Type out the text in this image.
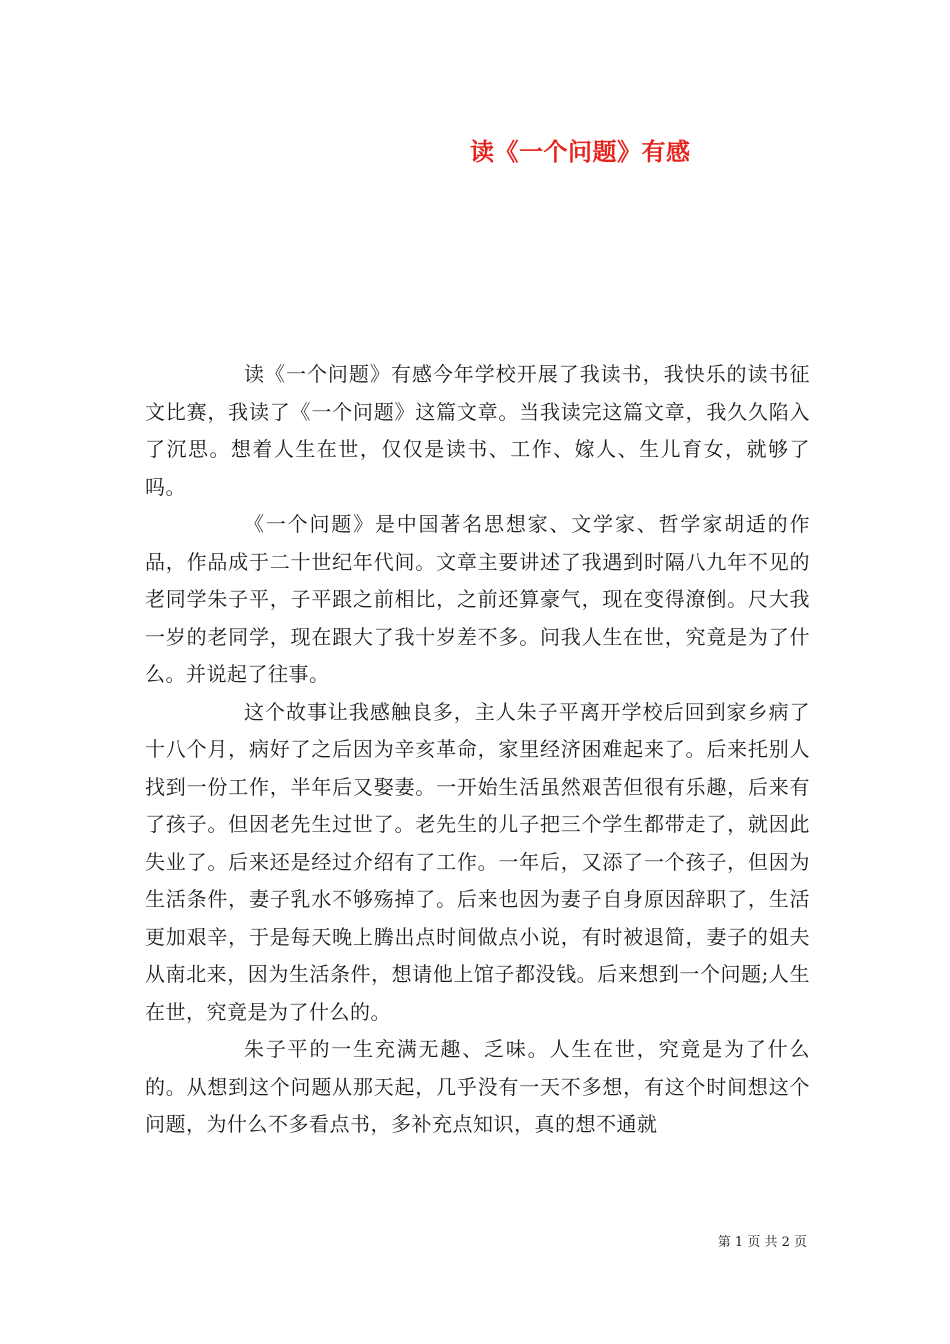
读《一个问题》有感

读《一个问题》有感今年学校开展了我读书，我快乐的读书征文比赛，我读了《一个问题》这篇文章。当我读完这篇文章，我久久陷入了沉思。想着人生在世，仅仅是读书、工作、嫁人、生儿育女，就够了吗。

《一个问题》是中国著名思想家、文学家、哲学家胡适的作品，作品成于二十世纪年代间。文章主要讲述了我遇到时隔八九年不见的老同学朱子平，子平跟之前相比，之前还算豪气，现在变得潦倒。尺大我一岁的老同学，现在跟大了我十岁差不多。问我人生在世，究竟是为了什么。并说起了往事。

这个故事让我感触良多，主人朱子平离开学校后回到家乡病了十八个月，病好了之后因为辛亥革命，家里经济困难起来了。后来托别人找到一份工作，半年后又娶妻。一开始生活虽然艰苦但很有乐趣，后来有了孩子。但因老先生过世了。老先生的儿子把三个学生都带走了，就因此失业了。后来还是经过介绍有了工作。一年后，又添了一个孩子，但因为生活条件，妻子乳水不够殇掉了。后来也因为妻子自身原因辞职了，生活更加艰辛，于是每天晚上腾出点时间做点小说，有时被退简，妻子的姐夫从南北来，因为生活条件，想请他上馆子都没钱。后来想到一个问题;人生在世，究竟是为了什么的。

朱子平的一生充满无趣、乏味。人生在世，究竟是为了什么的。从想到这个问题从那天起，几乎没有一天不多想，有这个时间想这个问题，为什么不多看点书，多补充点知识，真的想不通就

第 1 页 共 2 页
